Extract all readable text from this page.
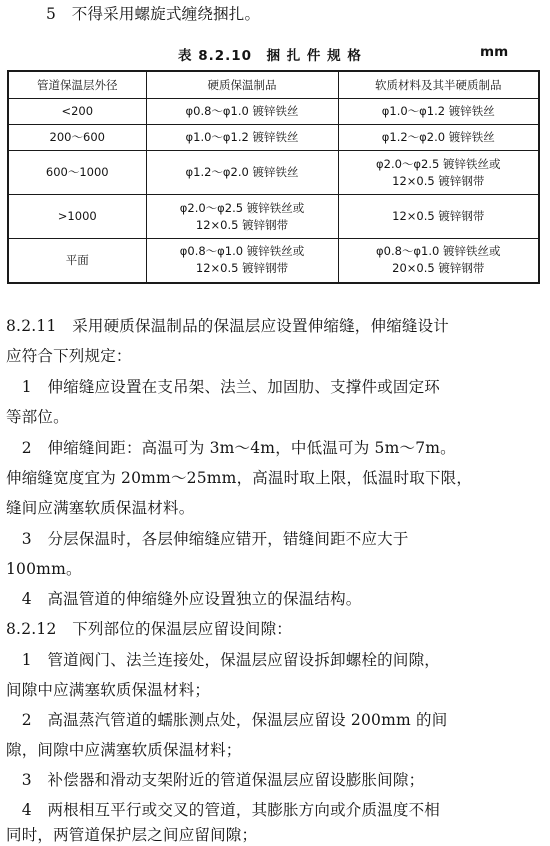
5　不得采用螺旋式缠绕捆扎。
表 8.2.10　捆 扎 件 规 格	mm
管道保温层外径	硬质保温制品	软质材料及其半硬质制品
<200	φ0.8～φ1.0 镀锌铁丝	φ1.0～φ1.2 镀锌铁丝

200～600	φ1.0～φ1.2 镀锌铁丝	φ1.2～φ2.0 镀锌铁丝

600～1000	φ1.2～φ2.0 镀锌铁丝	φ2.0～φ2.5 镀锌铁丝或
12×0.5 镀锌钢带

>1000	φ2.0～φ2.5 镀锌铁丝或
12×0.5 镀锌钢带	12×0.5 镀锌钢带

平面	φ0.8～φ1.0 镀锌铁丝或
12×0.5 镀锌钢带	φ0.8～φ1.0 镀锌铁丝或
20×0.5 镀锌钢带
8.2.11　采用硬质保温制品的保温层应设置伸缩缝，伸缩缝设计
应符合下列规定：
　1　伸缩缝应设置在支吊架、法兰、加固肋、支撑件或固定环
等部位。
　2　伸缩缝间距：高温可为 3m～4m，中低温可为 5m～7m。
伸缩缝宽度宜为 20mm～25mm，高温时取上限，低温时取下限，
缝间应满塞软质保温材料。
　3　分层保温时，各层伸缩缝应错开，错缝间距不应大于
100mm。
　4　高温管道的伸缩缝外应设置独立的保温结构。
8.2.12　下列部位的保温层应留设间隙：
　1　管道阀门、法兰连接处，保温层应留设拆卸螺栓的间隙，
间隙中应满塞软质保温材料；
　2　高温蒸汽管道的蠕胀测点处，保温层应留设 200mm 的间
隙，间隙中应满塞软质保温材料；
　3　补偿器和滑动支架附近的管道保温层应留设膨胀间隙；
　4　两根相互平行或交叉的管道，其膨胀方向或介质温度不相
同时，两管道保护层之间应留间隙；
